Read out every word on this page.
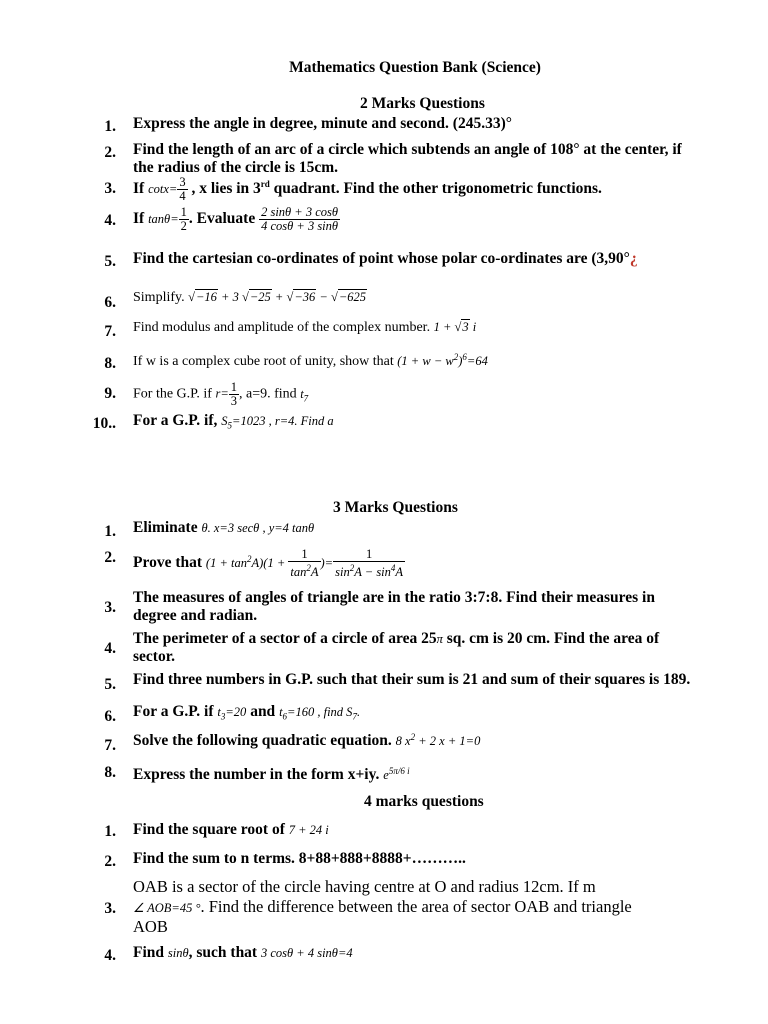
Mathematics Question Bank (Science)
2 Marks Questions
1. Express the angle in degree, minute and second. (245.33)°
2. Find the length of an arc of a circle which subtends an angle of 108° at the center, if
the radius of the circle is 15cm.
3. If $\cot x= \frac{3}{4}$ , x lies in 3rd quadrant. Find the other trigonometric functions.
4. If $\tan\theta= \frac{1}{2}$ . Evaluate $\frac{2 \sin\theta + 3 \cos\theta}{4 \cos\theta + 3 \sin\theta}$
5. Find the cartesian co-ordinates of point whose polar co-ordinates are (3,90°¿
6. Simplify. √−16 + 3 √−25 + √−36 − √−625
7. Find modulus and amplitude of the complex number. 1 + √3 i
8. If w is a complex cube root of unity, show that $(1 + w - w^2)^6=64$
9. For the G.P. if $r= \frac{1}{3}$ , a=9. find $t_7$
10.. For a G.P. if, $S_5=1023$ , r=4. Find a
3 Marks Questions
1. Eliminate θ. x=3 secθ , y=4 tanθ
2. Prove that $(1 + \tan^2A)(1 + \frac{1}{\tan^2A}$ )= $\frac{1}{\sin^2A - \sin^4A}$
3.
The measures of angles of triangle are in the ratio 3:7:8. Find their measures in
degree and radian.
4.
The perimeter of a sector of a circle of area 25π sq. cm is 20 cm. Find the area of
sector.
5. Find three numbers in G.P. such that their sum is 21 and sum of their squares is 189.
6. For a G.P. if $t_3=20$ and $t_6=160$ , find $S_7$.
7. Solve the following quadratic equation. 8 $x^2 + 2$ x + 1=0
8. Express the number in the form x+iy. $e^{5\pi/6 i}$
4 marks questions
1. Find the square root of 7 + 24 i
2. Find the sum to n terms. 8+88+888+8888+………..
3.
OAB is a sector of the circle having centre at O and radius 12cm. If m
∠ AOB=45 °. Find the difference between the area of sector OAB and triangle
AOB
4. Find sinθ, such that 3 cosθ + 4 sinθ=4
